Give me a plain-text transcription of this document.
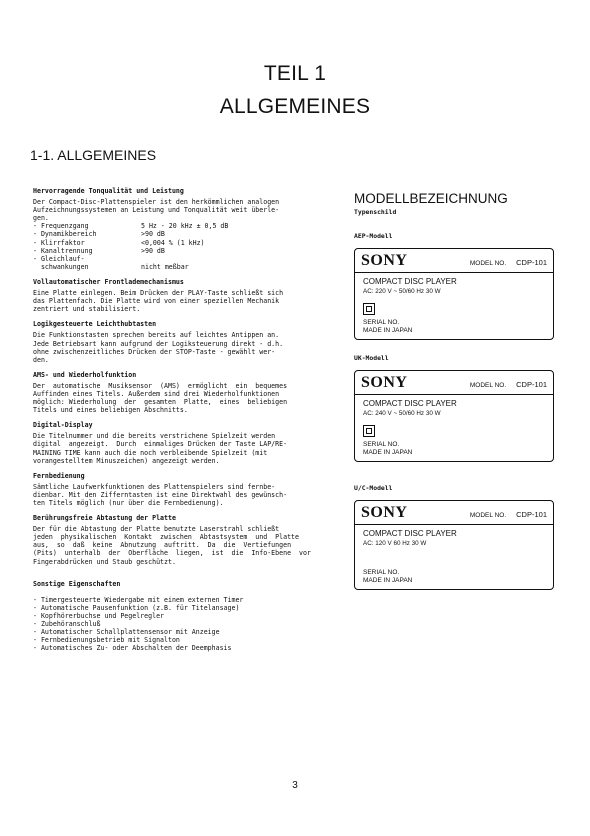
TEIL 1
ALLGEMEINES
1-1. ALLGEMEINES
Hervorragende Tonqualität und Leistung

Der Compact-Disc-Plattenspieler ist den herkömmlichen analogen
Aufzeichnungssystemen an Leistung und Tonqualität weit überle-
gen.

- Frequenzgang	5 Hz - 20 kHz ± 0,5 dB
- Dynamikbereich	>90 dB
- Klirrfaktor	<0,004 % (1 kHz)
- Kanaltrennung	>90 dB
- Gleichlauf-
schwankungen	nicht meßbar
Vollautomatischer Frontlademechanismus

Eine Platte einlegen. Beim Drücken der PLAY-Taste schließt sich
das Plattenfach. Die Platte wird von einer speziellen Mechanik
zentriert und stabilisiert.

Logikgesteuerte Leichthubtasten

Die Funktionstasten sprechen bereits auf leichtes Antippen an.
Jede Betriebsart kann aufgrund der Logiksteuerung direkt - d.h.
ohne zwischenzeitliches Drücken der STOP-Taste - gewählt wer-
den.

AMS- und Wiederholfunktion

Der  automatische  Musiksensor  (AMS)  ermöglicht  ein  bequemes
Auffinden eines Titels. Außerdem sind drei Wiederholfunktionen
möglich: Wiederholung  der  gesamten  Platte,  eines  beliebigen
Titels und eines beliebigen Abschnitts.

Digital-Display

Die Titelnummer und die bereits verstrichene Spielzeit werden
digital  angezeigt.  Durch  einmaliges Drücken der Taste LAP/RE-
MAINING TIME kann auch die noch verbleibende Spielzeit (mit
vorangestelltem Minuszeichen) angezeigt werden.

Fernbedienung

Sämtliche Laufwerkfunktionen des Plattenspielers sind fernbe-
dienbar. Mit den Zifferntasten ist eine Direktwahl des gewünsch-
ten Titels möglich (nur über die Fernbedienung).

Berührungsfreie Abtastung der Platte

Der für die Abtastung der Platte benutzte Laserstrahl schließt
jeden  physikalischen  Kontakt  zwischen  Abtastsystem  und  Platte
aus,  so  daß  keine  Abnutzung  auftritt.  Da  die  Vertiefungen
(Pits)  unterhalb  der  Oberfläche  liegen,  ist  die  Info-Ebene  vor
Fingerabdrücken und Staub geschützt.

Sonstige Eigenschaften
- Timergesteuerte Wiedergabe mit einem externen Timer
- Automatische Pausenfunktion (z.B. für Titelansage)
- Kopfhörerbuchse und Pegelregler
- Zubehöranschluß
- Automatischer Schallplattensensor mit Anzeige
- Fernbedienungsbetrieb mit Signalton
- Automatisches Zu- oder Abschalten der Deemphasis
MODELLBEZEICHNUNG
Typenschild
AEP-Modell
SONY	MODEL NO. CDP-101
COMPACT DISC PLAYER
AC: 220 V ~ 50/60 Hz 30 W
SERIAL NO.
MADE IN JAPAN
UK-Modell
SONY	MODEL NO. CDP-101
COMPACT DISC PLAYER
AC: 240 V ~ 50/60 Hz 30 W
SERIAL NO.
MADE IN JAPAN
U/C-Modell
SONY	MODEL NO. CDP-101
COMPACT DISC PLAYER
AC: 120 V 60 Hz 30 W
SERIAL NO.
MADE IN JAPAN
3
